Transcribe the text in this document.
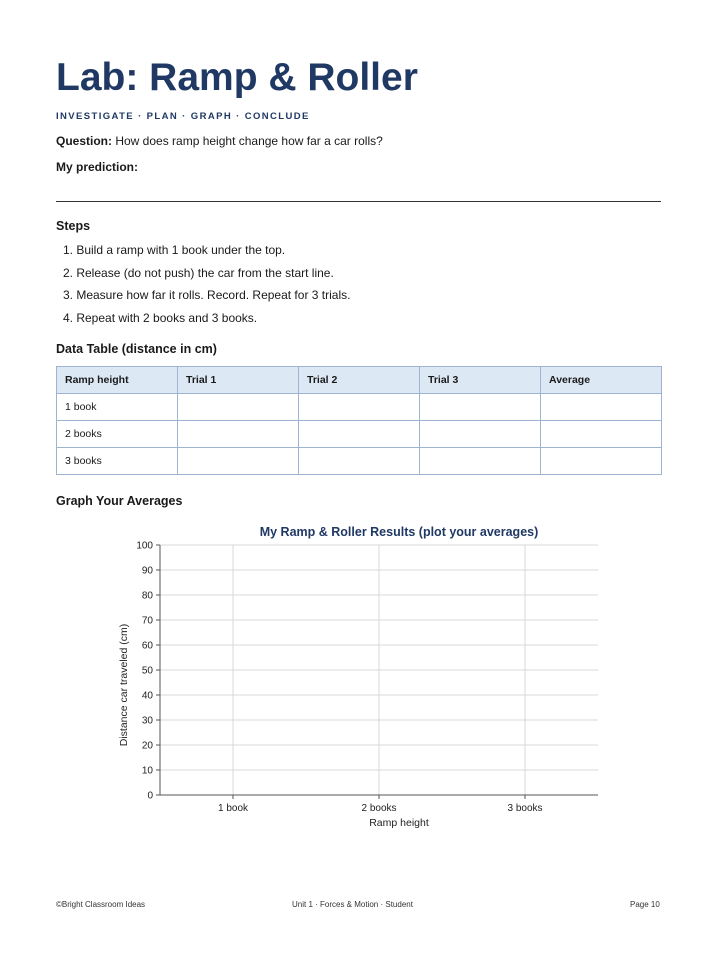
Lab: Ramp & Roller
INVESTIGATE · PLAN · GRAPH · CONCLUDE
Question: How does ramp height change how far a car rolls?
My prediction:
Steps
1. Build a ramp with 1 book under the top.
2. Release (do not push) the car from the start line.
3. Measure how far it rolls. Record. Repeat for 3 trials.
4. Repeat with 2 books and 3 books.
Data Table (distance in cm)
Ramp height	Trial 1	Trial 2	Trial 3	Average
1 book				
2 books				
3 books				
Graph Your Averages
My Ramp & Roller Results (plot your averages)
0
10
20
30
40
50
60
70
80
90
100
1 book	2 books	3 books
Ramp height
Distance car traveled (cm)
©Bright Classroom Ideas	Unit 1 · Forces & Motion · Student	Page 10
